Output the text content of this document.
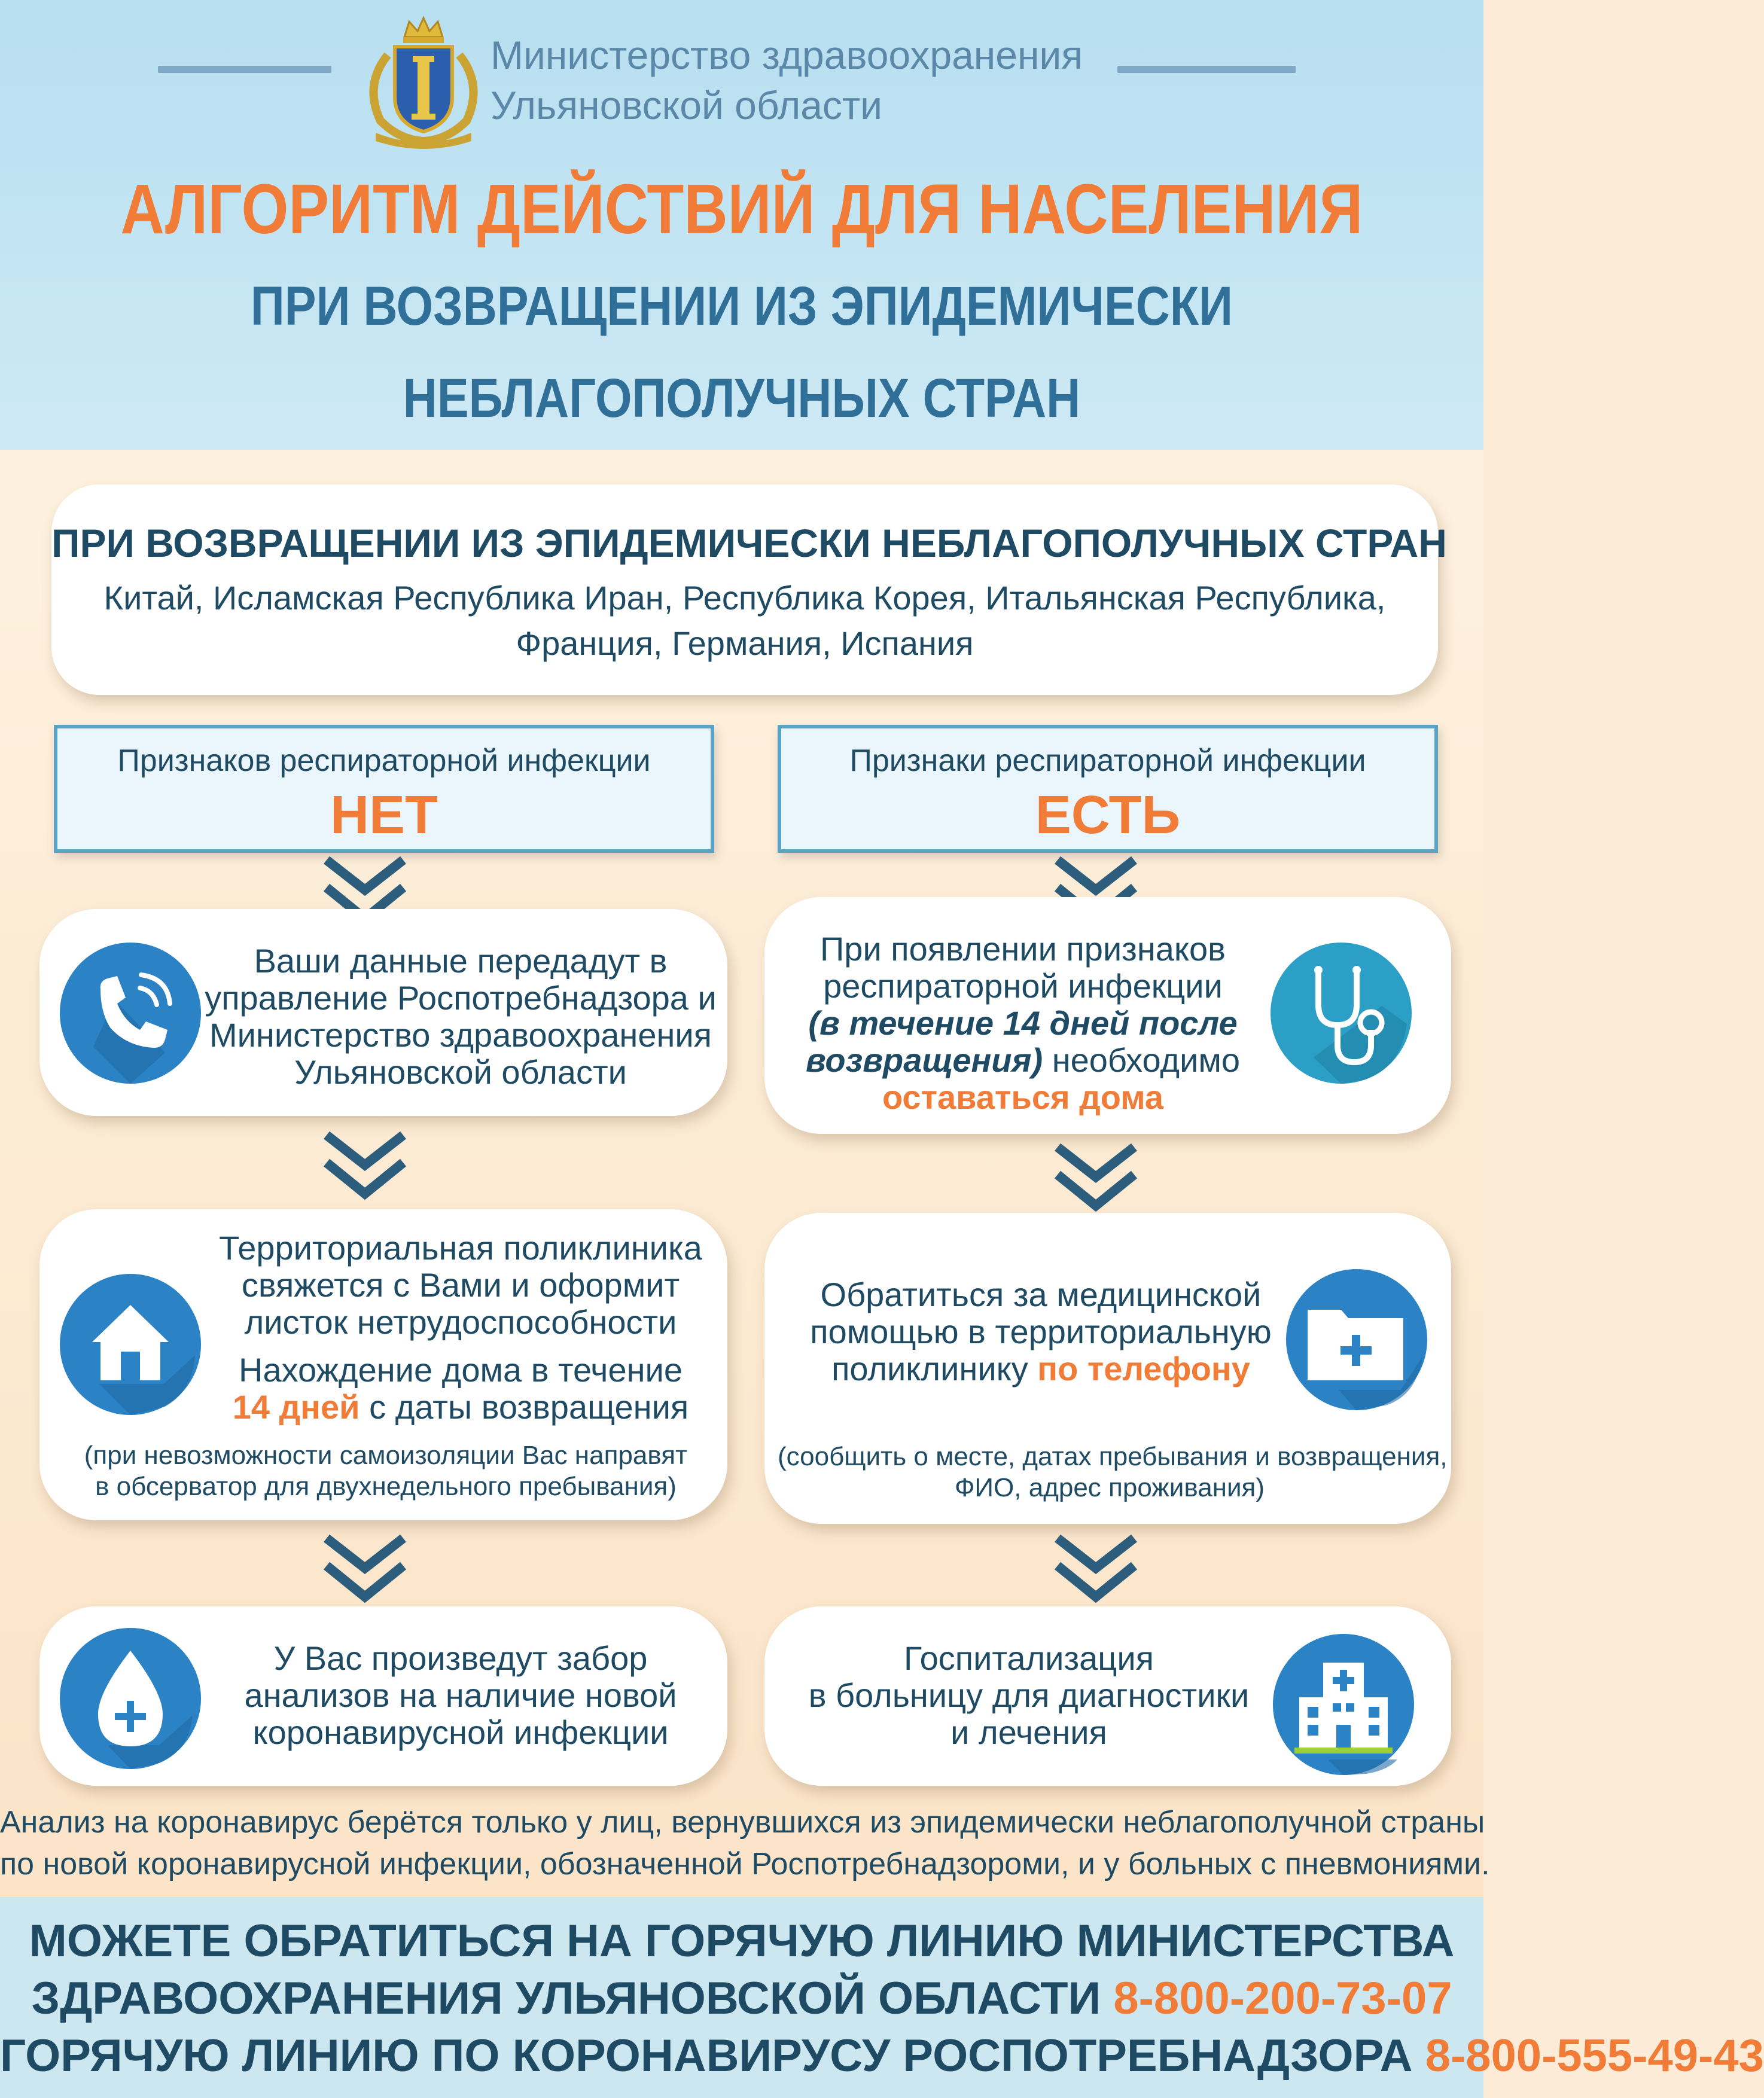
Министерство здравоохранения
Ульяновской области
АЛГОРИТМ ДЕЙСТВИЙ ДЛЯ НАСЕЛЕНИЯ
ПРИ ВОЗВРАЩЕНИИ ИЗ ЭПИДЕМИЧЕСКИ
НЕБЛАГОПОЛУЧНЫХ СТРАН
ПРИ ВОЗВРАЩЕНИИ ИЗ ЭПИДЕМИЧЕСКИ НЕБЛАГОПОЛУЧНЫХ СТРАН
Китай, Исламская Республика Иран, Республика Корея, Итальянская Республика,
Франция, Германия, Испания
Признаков респираторной инфекции
НЕТ
Признаки респираторной инфекции
ЕСТЬ
Ваши данные передадут в
управление Роспотребнадзора и
Министерство здравоохранения
Ульяновской области
Территориальная поликлиника
свяжется с Вами и оформит
листок нетрудоспособности
Нахождение дома в течение
14 дней с даты возвращения
(при невозможности самоизоляции Вас направят
в обсерватор для двухнедельного пребывания)
У Вас произведут забор
анализов на наличие новой
коронавирусной инфекции
При появлении признаков
респираторной инфекции
(в течение 14 дней после
возвращения) необходимо
оставаться дома
Обратиться за медицинской
помощью в территориальную
поликлинику по телефону
(сообщить о месте, датах пребывания и возвращения,
ФИО, адрес проживания)
Госпитализация
в больницу для диагностики
и лечения
Анализ на коронавирус берётся только у лиц, вернувшихся из эпидемически неблагополучной страны
по новой коронавирусной инфекции, обозначенной Роспотребнадзороми, и у больных с пневмониями.
МОЖЕТЕ ОБРАТИТЬСЯ НА ГОРЯЧУЮ ЛИНИЮ МИНИСТЕРСТВА
ЗДРАВООХРАНЕНИЯ УЛЬЯНОВСКОЙ ОБЛАСТИ 8-800-200-73-07
ГОРЯЧУЮ ЛИНИЮ ПО КОРОНАВИРУСУ РОСПОТРЕБНАДЗОРА 8-800-555-49-43
